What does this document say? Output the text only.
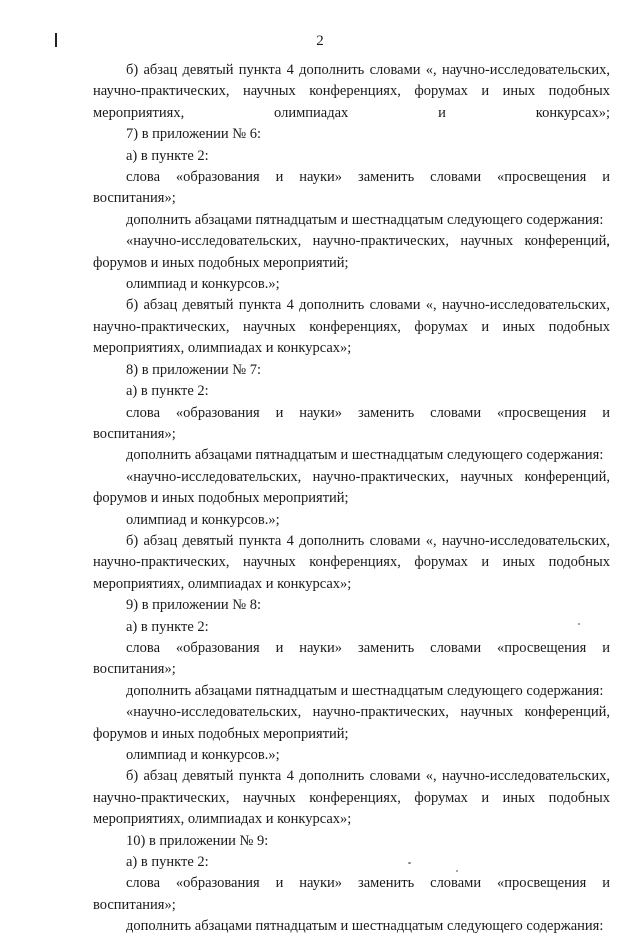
2

б) абзац девятый пункта 4 дополнить словами «, научно-исследовательских, научно-практических, научных конференциях, форумах и иных подобных мероприятиях, олимпиадах и конкурсах»;

7) в приложении № 6:

а) в пункте 2:

слова «образования и науки» заменить словами «просвещения и воспитания»;

дополнить абзацами пятнадцатым и шестнадцатым следующего содержания:

«научно-исследовательских, научно-практических, научных конференций, форумов и иных подобных мероприятий;

олимпиад и конкурсов.»;

б) абзац девятый пункта 4 дополнить словами «, научно-исследовательских, научно-практических, научных конференциях, форумах и иных подобных мероприятиях, олимпиадах и конкурсах»;

8) в приложении № 7:

а) в пункте 2:

слова «образования и науки» заменить словами «просвещения и воспитания»;

дополнить абзацами пятнадцатым и шестнадцатым следующего содержания:

«научно-исследовательских, научно-практических, научных конференций, форумов и иных подобных мероприятий;

олимпиад и конкурсов.»;

б) абзац девятый пункта 4 дополнить словами «, научно-исследовательских, научно-практических, научных конференциях, форумах и иных подобных мероприятиях, олимпиадах и конкурсах»;

9) в приложении № 8:

а) в пункте 2:

слова «образования и науки» заменить словами «просвещения и воспитания»;

дополнить абзацами пятнадцатым и шестнадцатым следующего содержания:

«научно-исследовательских, научно-практических, научных конференций, форумов и иных подобных мероприятий;

олимпиад и конкурсов.»;

б) абзац девятый пункта 4 дополнить словами «, научно-исследовательских, научно-практических, научных конференциях, форумах и иных подобных мероприятиях, олимпиадах и конкурсах»;

10) в приложении № 9:

а) в пункте 2:

слова «образования и науки» заменить словами «просвещения и воспитания»;

дополнить абзацами пятнадцатым и шестнадцатым следующего содержания:
